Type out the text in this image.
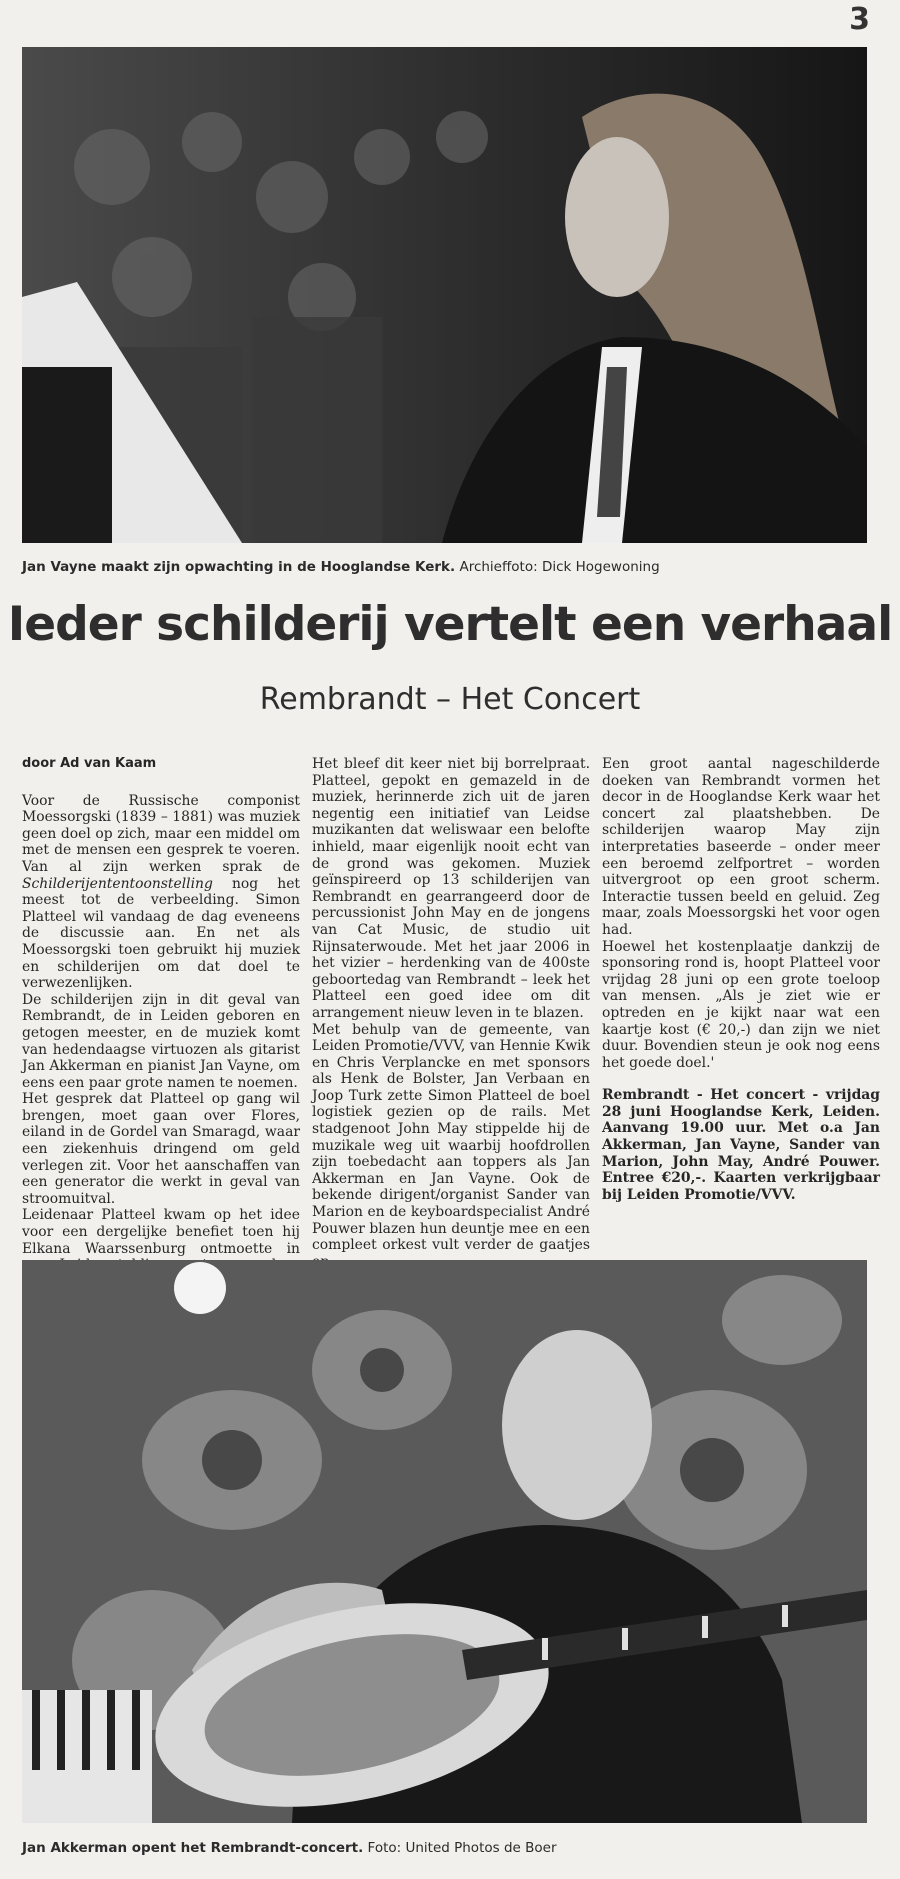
3
Jan Vayne maakt zijn opwachting in de Hooglandse Kerk. Archieffoto: Dick Hogewoning
Ieder schilderij vertelt een verhaal
Rembrandt – Het Concert
door Ad van Kaam

Voor de Russische componist Moessorgski (1839 – 1881) was muziek geen doel op zich, maar een middel om met de mensen een gesprek te voeren. Van al zijn werken sprak de Schilderijententoonstelling nog het meest tot de verbeelding. Simon Platteel wil vandaag de dag eveneens de discussie aan. En net als Moessorgski toen gebruikt hij muziek en schilderijen om dat doel te verwezenlijken.

De schilderijen zijn in dit geval van Rembrandt, de in Leiden geboren en getogen meester, en de muziek komt van hedendaagse virtuozen als gitarist Jan Akkerman en pianist Jan Vayne, om eens een paar grote namen te noemen.

Het gesprek dat Platteel op gang wil brengen, moet gaan over Flores, eiland in de Gordel van Smaragd, waar een ziekenhuis dringend om geld verlegen zit. Voor het aanschaffen van een generator die werkt in geval van stroomuitval.

Leidenaar Platteel kwam op het idee voor een dergelijke benefiet toen hij Elkana Waarssenburg ontmoette in

Het bleef dit keer niet bij borrelpraat. Platteel, gepokt en gemazeld in de muziek, herinnerde zich uit de jaren negentig een initiatief van Leidse muzikanten dat weliswaar een belofte inhield, maar eigenlijk nooit echt van de grond was gekomen. Muziek geïnspireerd op 13 schilderijen van Rembrandt en gearrangeerd door de percussionist John May en de jongens van Cat Music, de studio uit Rijnsaterwoude. Met het jaar 2006 in het vizier – herdenking van de 400ste geboortedag van Rembrandt – leek het Platteel een goed idee om dit arrangement nieuw leven in te blazen.

Met behulp van de gemeente, van Leiden Promotie/VVV, van Hennie Kwik en Chris Verplancke en met sponsors als Henk de Bolster, Jan Verbaan en Joop Turk zette Simon Platteel de boel logistiek gezien op de rails. Met stadgenoot John May stippelde hij de muzikale weg uit waarbij hoofdrollen zijn toebedacht aan toppers als Jan Akkerman en Jan Vayne. Ook de bekende dirigent/organist Sander van Marion en de keyboardspecialist André Pouwer blazen hun deuntje mee en een compleet orkest vult verder de gaatjes

Een groot aantal nageschilderde doeken van Rembrandt vormen het decor in de Hooglandse Kerk waar het concert zal plaatshebben. De schilderijen waarop May zijn interpretaties baseerde – onder meer een beroemd zelfportret – worden uitvergroot op een groot scherm. Interactie tussen beeld en geluid. Zeg maar, zoals Moessorgski het voor ogen had.

Hoewel het kostenplaatje dankzij de sponsoring rond is, hoopt Platteel voor vrijdag 28 juni op een grote toeloop van mensen. „Als je ziet wie er optreden en je kijkt naar wat een kaartje kost (€ 20,-) dan zijn we niet duur. Bovendien steun je ook nog eens het goede doel.'

Rembrandt - Het concert - vrijdag 28 juni Hooglandse Kerk, Leiden. Aanvang 19.00 uur. Met o.a Jan Akkerman, Jan Vayne, Sander van Marion, John May, André Pouwer. Entree €20,-. Kaarten verkrijgbaar bij Leiden Promotie/VVV.

Jan Akkerman opent het Rembrandt-concert. Foto: United Photos de Boer
